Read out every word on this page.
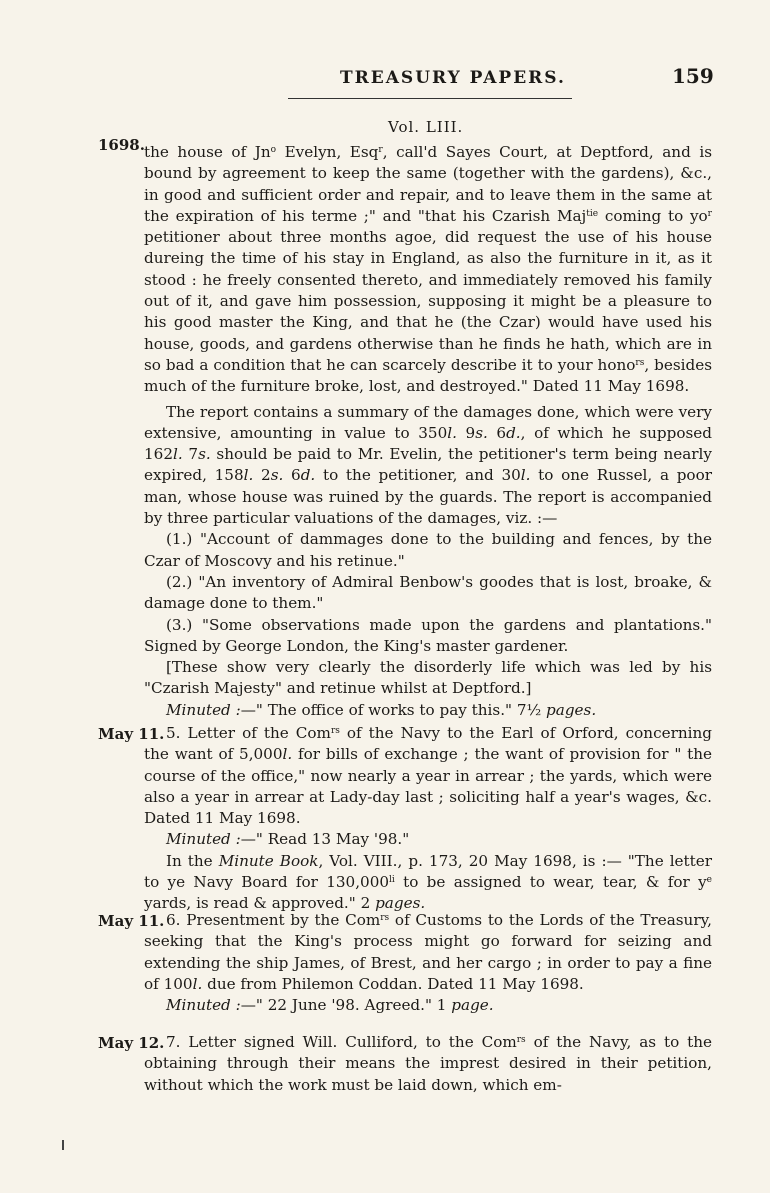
TREASURY PAPERS.	159
Vol. LIII.
1698. the house of Jn$^o$ Evelyn, Esq$^r$, call'd Sayes Court, at Deptford, and is bound by agreement to keep the same (together with the gardens), &c., in good and sufficient order and repair, and to leave them in the same at the expiration of his terme ;" and "that his Czarish Maj$^{tie}$ coming to $yo^r$ petitioner about three months agoe, did request the use of his house dureing the time of his stay in England, as also the furniture in it, as it stood : he freely consented thereto, and immediately removed his family out of it, and gave him possession, supposing it might be a pleasure to his good master the King, and that he (the Czar) would have used his house, goods, and gardens otherwise than he finds he hath, which are in so bad a condition that he can scarcely describe it to your hono$^{rs}$, besides much of the furniture broke, lost, and destroyed." Dated 11 May 1698.

The report contains a summary of the damages done, which were very extensive, amounting in value to 350l. 9s. 6d., of which he supposed 162l. 7s. should be paid to Mr. Evelin, the petitioner's term being nearly expired, 158l. 2s. 6d. to the petitioner, and 30l. to one Russel, a poor man, whose house was ruined by the guards. The report is accompanied by three particular valuations of the damages, viz. :—

(1.) "Account of dammages done to the building and fences, by the Czar of Moscovy and his retinue."

(2.) "An inventory of Admiral Benbow's goodes that is lost, broake, & damage done to them."

(3.) "Some observations made upon the gardens and plantations." Signed by George London, the King's master gardener.

[These show very clearly the disorderly life which was led by his "Czarish Majesty" and retinue whilst at Deptford.]

Minuted :—" The office of works to pay this." 7½ pages.

May 11. 5. Letter of the Com$^{rs}$ of the Navy to the Earl of Orford, concerning the want of 5,000l. for bills of exchange ; the want of provision for " the course of the office," now nearly a year in arrear ; the yards, which were also a year in arrear at Lady-day last ; soliciting half a year's wages, &c. Dated 11 May 1698.

Minuted :—" Read 13 May '98."

In the Minute Book, Vol. VIII., p. 173, 20 May 1698, is :— "The letter to ye Navy Board for $130,000^{li}$ to be assigned to wear, tear, & for $y^e$ yards, is read & approved." 2 pages.

May 11. 6. Presentment by the Com$^{rs}$ of Customs to the Lords of the Treasury, seeking that the King's process might go forward for seizing and extending the ship James, of Brest, and her cargo ; in order to pay a fine of 100l. due from Philemon Coddan. Dated 11 May 1698.

Minuted :—" 22 June '98. Agreed." 1 page.

May 12. 7. Letter signed Will. Culliford, to the Com$^{rs}$ of the Navy, as to the obtaining through their means the imprest desired in their petition, without which the work must be laid down, which em-
